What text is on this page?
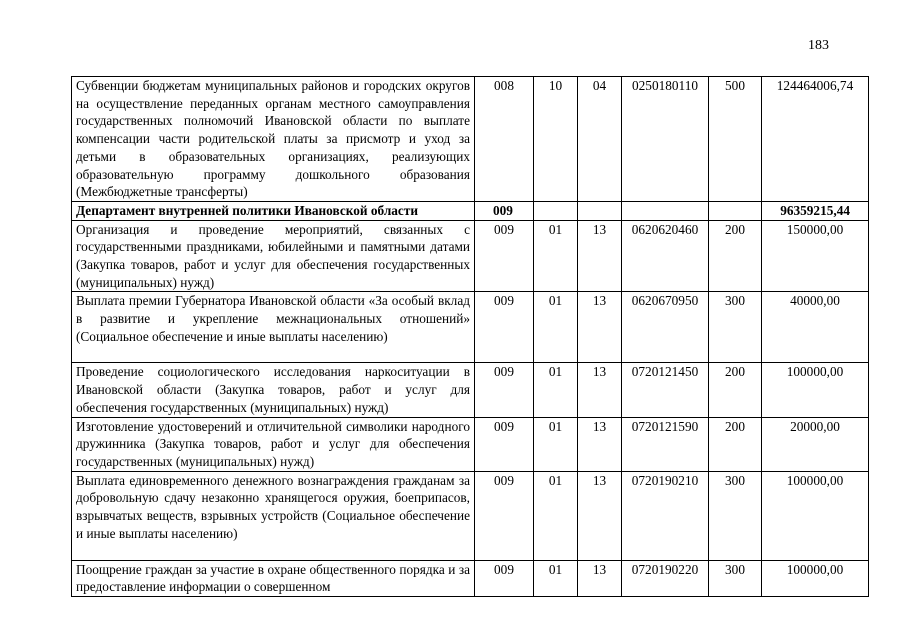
183
Субвенции бюджетам муниципальных районов и городских округов на осуществление переданных органам местного самоуправления государственных полномочий Ивановской области по выплате компенсации части родительской платы за присмотр и уход за детьми в образовательных организациях, реализующих образовательную программу дошкольного образования (Межбюджетные трансферты)	008	10	04	0250180110	500	124464006,74
Департамент внутренней политики Ивановской области	009					96359215,44
Организация и проведение мероприятий, связанных с государственными праздниками, юбилейными и памятными датами (Закупка товаров, работ и услуг для обеспечения государственных (муниципальных) нужд)	009	01	13	0620620460	200	150000,00
Выплата премии Губернатора Ивановской области «За особый вклад в развитие и укрепление межнациональных отношений» (Социальное обеспечение и иные выплаты населению)	009	01	13	0620670950	300	40000,00
Проведение социологического исследования наркоситуации в Ивановской области (Закупка товаров, работ и услуг для обеспечения государственных (муниципальных) нужд)	009	01	13	0720121450	200	100000,00
Изготовление удостоверений и отличительной символики народного дружинника (Закупка товаров, работ и услуг для обеспечения государственных (муниципальных) нужд)	009	01	13	0720121590	200	20000,00
Выплата единовременного денежного вознаграждения гражданам за добровольную сдачу незаконно хранящегося оружия, боеприпасов, взрывчатых веществ, взрывных устройств (Социальное обеспечение и иные выплаты населению)	009	01	13	0720190210	300	100000,00
Поощрение граждан за участие в охране общественного порядка и за предоставление информации о совершенном	009	01	13	0720190220	300	100000,00
